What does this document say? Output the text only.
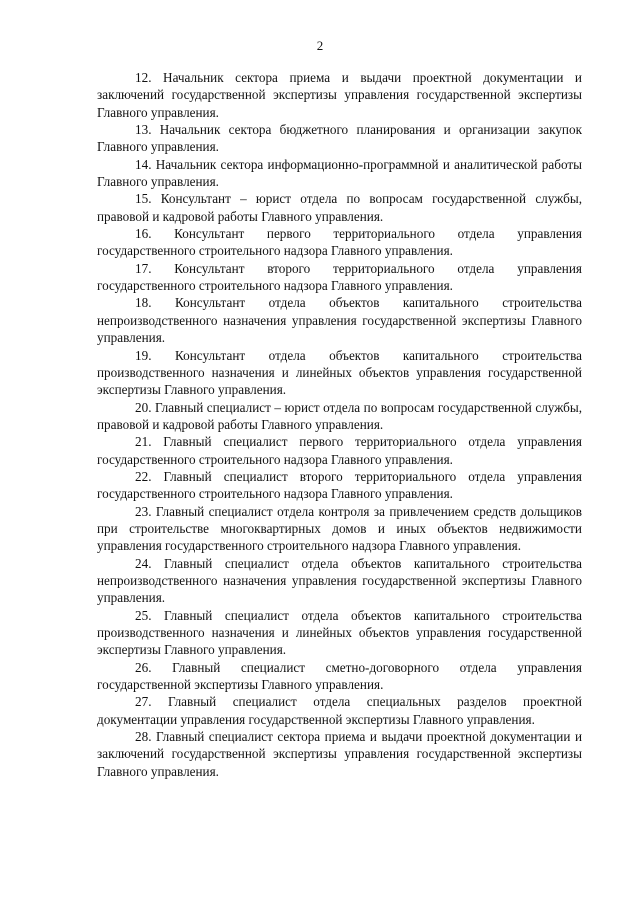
2

12. Начальник сектора приема и выдачи проектной документации и заключений государственной экспертизы управления государственной экспертизы Главного управления.

13. Начальник сектора бюджетного планирования и организации закупок Главного управления.

14. Начальник сектора информационно-программной и аналитической работы Главного управления.

15. Консультант – юрист отдела по вопросам государственной службы, правовой и кадровой работы Главного управления.

16. Консультант первого территориального отдела управления государственного строительного надзора Главного управления.

17. Консультант второго территориального отдела управления государственного строительного надзора Главного управления.

18. Консультант отдела объектов капитального строительства непроизводственного назначения управления государственной экспертизы Главного управления.

19. Консультант отдела объектов капитального строительства производственного назначения и линейных объектов управления государственной экспертизы Главного управления.

20. Главный специалист – юрист отдела по вопросам государственной службы, правовой и кадровой работы Главного управления.

21. Главный специалист первого территориального отдела управления государственного строительного надзора Главного управления.

22. Главный специалист второго территориального отдела управления государственного строительного надзора Главного управления.

23. Главный специалист отдела контроля за привлечением средств дольщиков при строительстве многоквартирных домов и иных объектов недвижимости управления государственного строительного надзора Главного управления.

24. Главный специалист отдела объектов капитального строительства непроизводственного назначения управления государственной экспертизы Главного управления.

25. Главный специалист отдела объектов капитального строительства производственного назначения и линейных объектов управления государственной экспертизы Главного управления.

26. Главный специалист сметно-договорного отдела управления государственной экспертизы Главного управления.

27. Главный специалист отдела специальных разделов проектной документации управления государственной экспертизы Главного управления.

28. Главный специалист сектора приема и выдачи проектной документации и заключений государственной экспертизы управления государственной экспертизы Главного управления.
